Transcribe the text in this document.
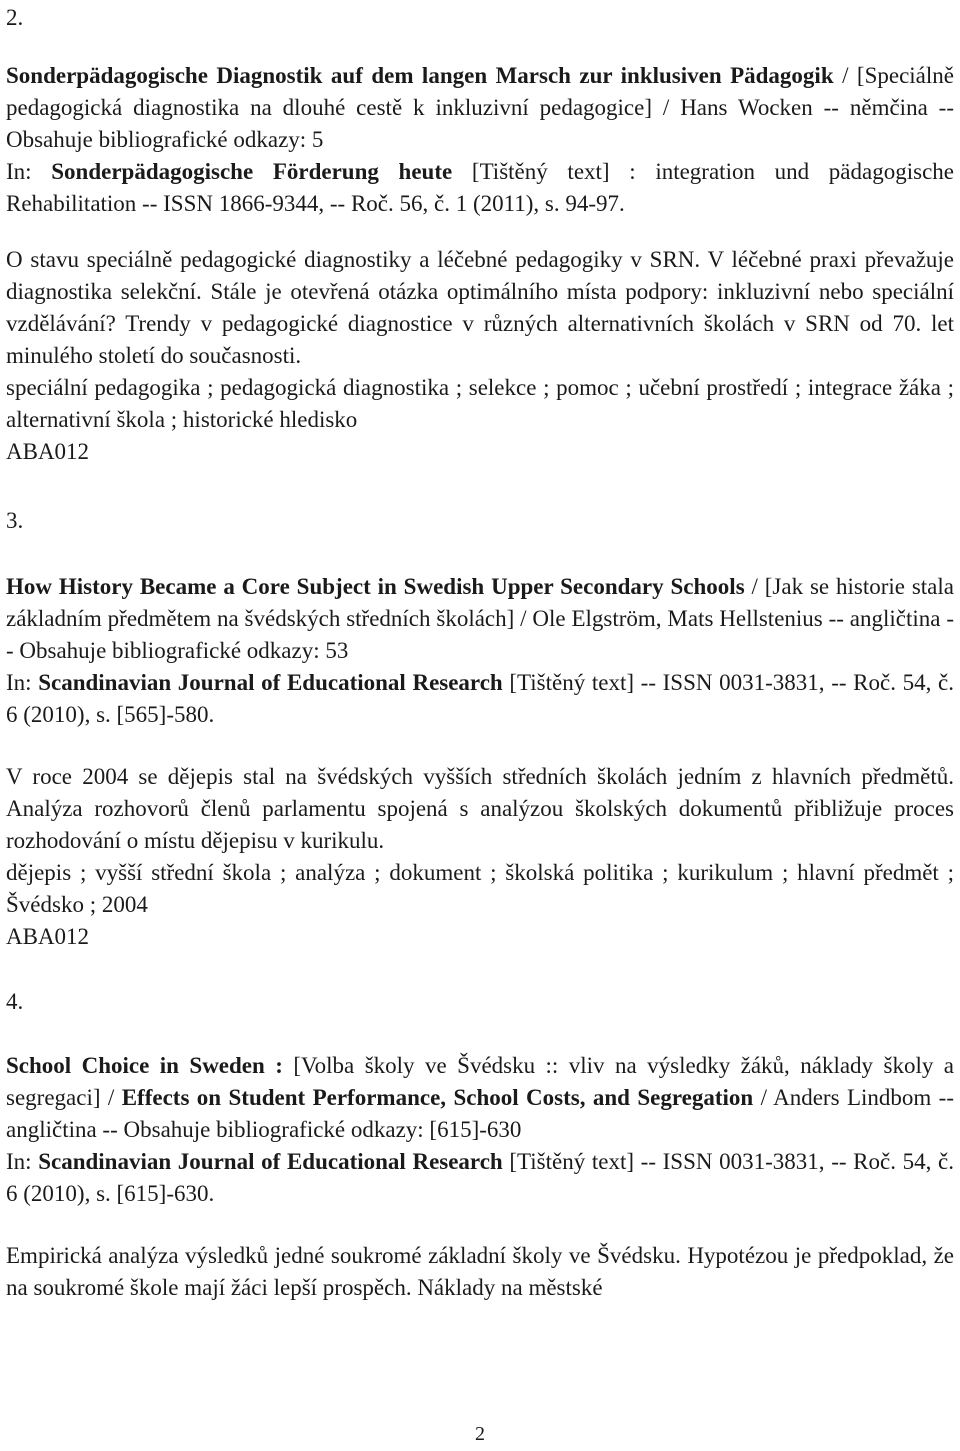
2.

Sonderpädagogische Diagnostik auf dem langen Marsch zur inklusiven Pädagogik / [Speciálně pedagogická diagnostika na dlouhé cestě k inkluzivní pedagogice] / Hans Wocken -- němčina -- Obsahuje bibliografické odkazy: 5

In: Sonderpädagogische Förderung heute [Tištěný text] : integration und pädagogische Rehabilitation -- ISSN 1866-9344, -- Roč. 56, č. 1 (2011), s. 94-97.

O stavu speciálně pedagogické diagnostiky a léčebné pedagogiky v SRN. V léčebné praxi převažuje diagnostika selekční. Stále je otevřená otázka optimálního místa podpory: inkluzivní nebo speciální vzdělávání? Trendy v pedagogické diagnostice v různých alternativních školách v SRN od 70. let minulého století do současnosti.

speciální pedagogika ; pedagogická diagnostika ; selekce ; pomoc ; učební prostředí ; integrace žáka ; alternativní škola ; historické hledisko

ABA012

3.

How History Became a Core Subject in Swedish Upper Secondary Schools / [Jak se historie stala základním předmětem na švédských středních školách] / Ole Elgström, Mats Hellstenius -- angličtina -- Obsahuje bibliografické odkazy: 53

In: Scandinavian Journal of Educational Research [Tištěný text] -- ISSN 0031-3831, -- Roč. 54, č. 6 (2010), s. [565]-580.

V roce 2004 se dějepis stal na švédských vyšších středních školách jedním z hlavních předmětů. Analýza rozhovorů členů parlamentu spojená s analýzou školských dokumentů přibližuje proces rozhodování o místu dějepisu v kurikulu.

dějepis ; vyšší střední škola ; analýza ; dokument ; školská politika ; kurikulum ; hlavní předmět ; Švédsko ; 2004

ABA012

4.

School Choice in Sweden : [Volba školy ve Švédsku :: vliv na výsledky žáků, náklady školy a segregaci] / Effects on Student Performance, School Costs, and Segregation / Anders Lindbom -- angličtina -- Obsahuje bibliografické odkazy: [615]-630

In: Scandinavian Journal of Educational Research [Tištěný text] -- ISSN 0031-3831, -- Roč. 54, č. 6 (2010), s. [615]-630.

Empirická analýza výsledků jedné soukromé základní školy ve Švédsku. Hypotézou je předpoklad, že na soukromé škole mají žáci lepší prospěch. Náklady na městské

2
